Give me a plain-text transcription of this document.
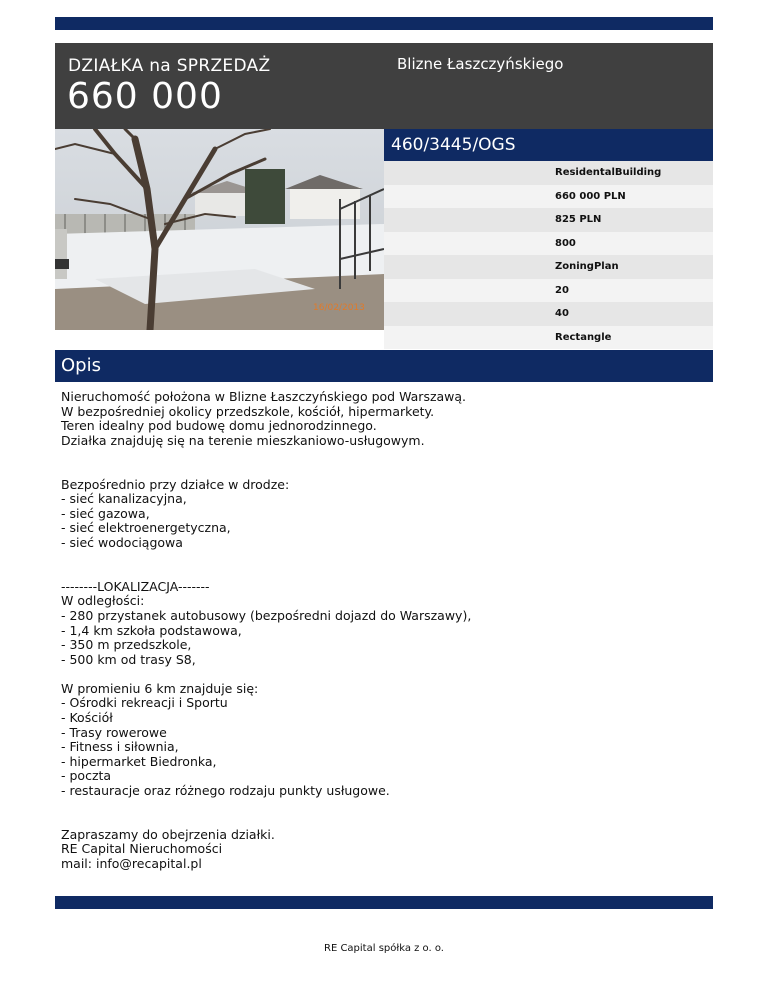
DZIAŁKA na SPRZEDAŻ
660 000
Blizne Łaszczyńskiego
16/02/2013
460/3445/OGS
ResidentalBuilding
660 000 PLN
825 PLN
800
ZoningPlan
20
40
Rectangle
Opis
Nieruchomość położona w Blizne Łaszczyńskiego pod Warszawą.
W bezpośredniej okolicy przedszkole, kościół, hipermarkety.
Teren idealny pod budowę domu jednorodzinnego.
Działka znajduję się na terenie mieszkaniowo-usługowym.

Bezpośrednio przy działce w drodze:
- sieć kanalizacyjna,
- sieć gazowa,
- sieć elektroenergetyczna,
- sieć wodociągowa

--------LOKALIZACJA-------
W odległości:
- 280 przystanek autobusowy (bezpośredni dojazd do Warszawy),
- 1,4 km szkoła podstawowa,
- 350 m przedszkole,
- 500 km od trasy S8,

W promieniu 6 km znajduje się:
- Ośrodki rekreacji i Sportu
- Kościół
- Trasy rowerowe
- Fitness i siłownia,
- hipermarket Biedronka,
- poczta
- restauracje oraz różnego rodzaju punkty usługowe.

Zapraszamy do obejrzenia działki.
RE Capital Nieruchomości
mail: info@recapital.pl
RE Capital spółka z o. o.
